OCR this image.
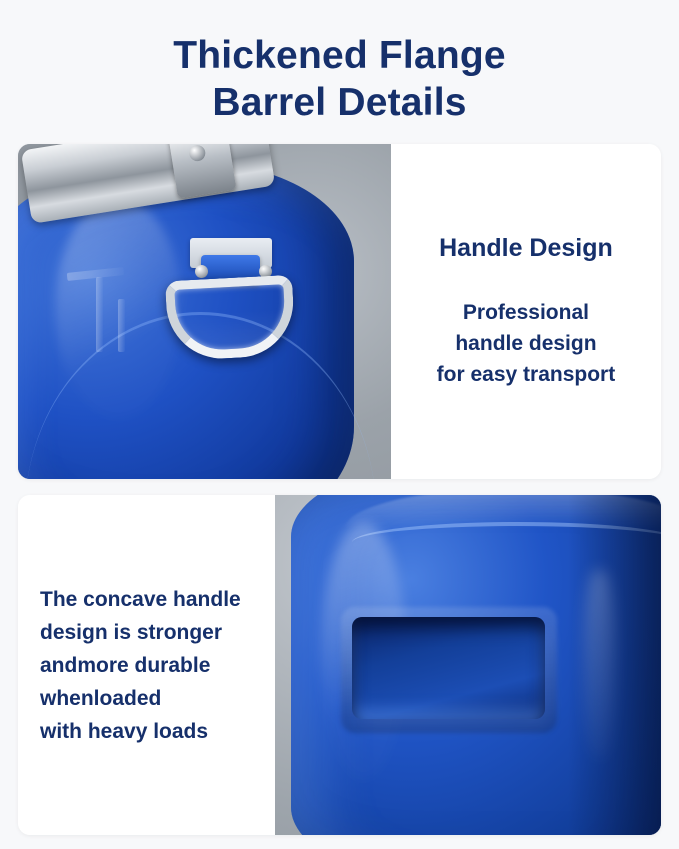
Thickened Flange
Barrel Details
Handle Design
Professional
handle design
for easy transport
The concave handle
design is stronger
andmore durable
whenloaded
with heavy loads
